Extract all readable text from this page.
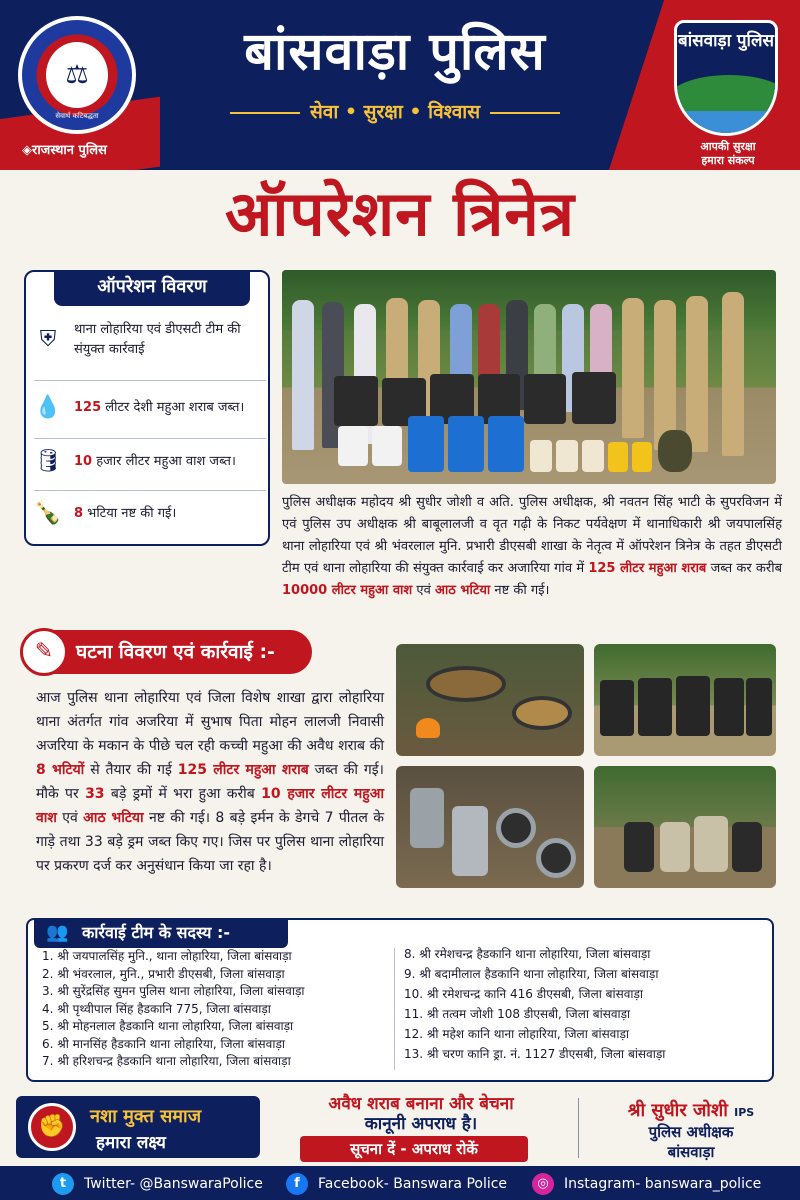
⚖
सेवार्थ कटिबद्धता
◈राजस्थान पुलिस
बांसवाड़ा पुलिस
सेवा • सुरक्षा • विश्वास
बांसवाड़ा पुलिस
आपकी सुरक्षा
हमारा संकल्प
ऑपरेशन त्रिनेत्र
ऑपरेशन विवरण
⛨	थाना लोहारिया एवं डीएसटी टीम की संयुक्त कार्रवाई
💧 125 लीटर देशी महुआ शराब जब्त।
🛢 10 हजार लीटर महुआ वाश जब्त।
🍾 8 भटिया नष्ट की गई।
पुलिस अधीक्षक महोदय श्री सुधीर जोशी व अति. पुलिस अधीक्षक, श्री नवतन सिंह भाटी के सुपरविजन में एवं पुलिस उप अधीक्षक श्री बाबूलालजी व वृत गढ़ी के निकट पर्यवेक्षण में थानाधिकारी श्री जयपालसिंह थाना लोहारिया एवं श्री भंवरलाल मुनि. प्रभारी डीएसबी शाखा के नेतृत्व में ऑपरेशन त्रिनेत्र के तहत डीएसटी टीम एवं थाना लोहारिया की संयुक्त कार्रवाई कर अजारिया गांव में 125 लीटर महुआ शराब जब्त कर करीब 10000 लीटर महुआ वाश एवं आठ भटिया नष्ट की गई।
✎	घटना विवरण एवं कार्रवाई :-
आज पुलिस थाना लोहारिया एवं जिला विशेष शाखा द्वारा लोहारिया थाना अंतर्गत गांव अजरिया में सुभाष पिता मोहन लालजी निवासी अजरिया के मकान के पीछे चल रही कच्ची महुआ की अवैध शराब की 8 भटियों से तैयार की गई 125 लीटर महुआ शराब जब्त की गई। मौके पर 33 बड़े ड्रमों में भरा हुआ करीब 10 हजार लीटर महुआ वाश एवं आठ भटिया नष्ट की गई। 8 बड़े इर्मन के डेगचे 7 पीतल के गाड़े तथा 33 बड़े ड्रम जब्त किए गए। जिस पर पुलिस थाना लोहारिया पर प्रकरण दर्ज कर अनुसंधान किया जा रहा है।
👥 कार्रवाई टीम के सदस्य :-
1. श्री जयपालसिंह मुनि., थाना लोहारिया, जिला बांसवाड़ा
2. श्री भंवरलाल, मुनि., प्रभारी डीएसबी, जिला बांसवाड़ा
3. श्री सुरेंद्रसिंह सुमन पुलिस थाना लोहारिया, जिला बांसवाड़ा
4. श्री पृथ्वीपाल सिंह हैडकानि 775, जिला बांसवाड़ा
5. श्री मोहनलाल हैडकानि थाना लोहारिया, जिला बांसवाड़ा
6. श्री मानसिंह हैडकानि थाना लोहारिया, जिला बांसवाड़ा
7. श्री हरिशचन्द्र हैडकानि थाना लोहारिया, जिला बांसवाड़ा
8. श्री रमेशचन्द्र हैडकानि थाना लोहारिया, जिला बांसवाड़ा
9. श्री बदामीलाल हैडकानि थाना लोहारिया, जिला बांसवाड़ा
10. श्री रमेशचन्द्र कानि 416 डीएसबी, जिला बांसवाड़ा
11. श्री तत्वम जोशी 108 डीएसबी, जिला बांसवाड़ा
12. श्री महेश कानि थाना लोहारिया, जिला बांसवाड़ा
13. श्री चरण कानि ड्रा. नं. 1127 डीएसबी, जिला बांसवाड़ा
✊	नशा मुक्त समाज
हमारा लक्ष्य
अवैध शराब बनाना और बेचना
कानूनी अपराध है।
सूचना दें - अपराध रोकें
श्री सुधीर जोशी IPS
पुलिस अधीक्षक
बांसवाड़ा
t	Twitter- @BanswaraPolice	f	Facebook- Banswara Police	◎	Instagram- banswara_police
